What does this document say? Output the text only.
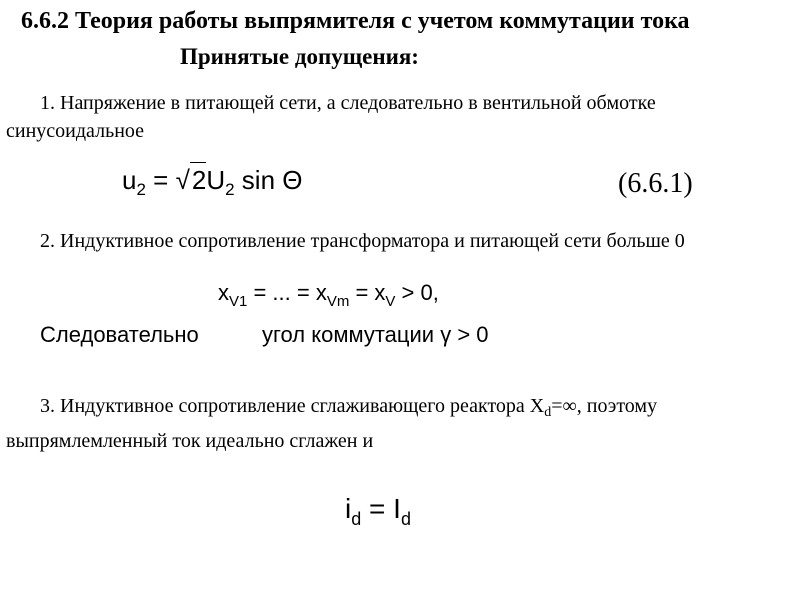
6.6.2 Теория работы выпрямителя с учетом коммутации тока
Принятые допущения:
1. Напряжение в питающей сети, а следовательно в вентильной обмотке синусоидальное
$u_2 = √2U_2$ sin Θ	(6.6.1)
2. Индуктивное сопротивление трансформатора и питающей сети больше 0
$x_{V1}$ = ... = $x_{Vm} = x_V > 0$,
Следовательно	угол коммутации γ > 0
3. Индуктивное сопротивление сглаживающего реактора $X_d=\infty$, поэтому выпрямлемленный ток идеально сглажен и
$i_d = I_d$
